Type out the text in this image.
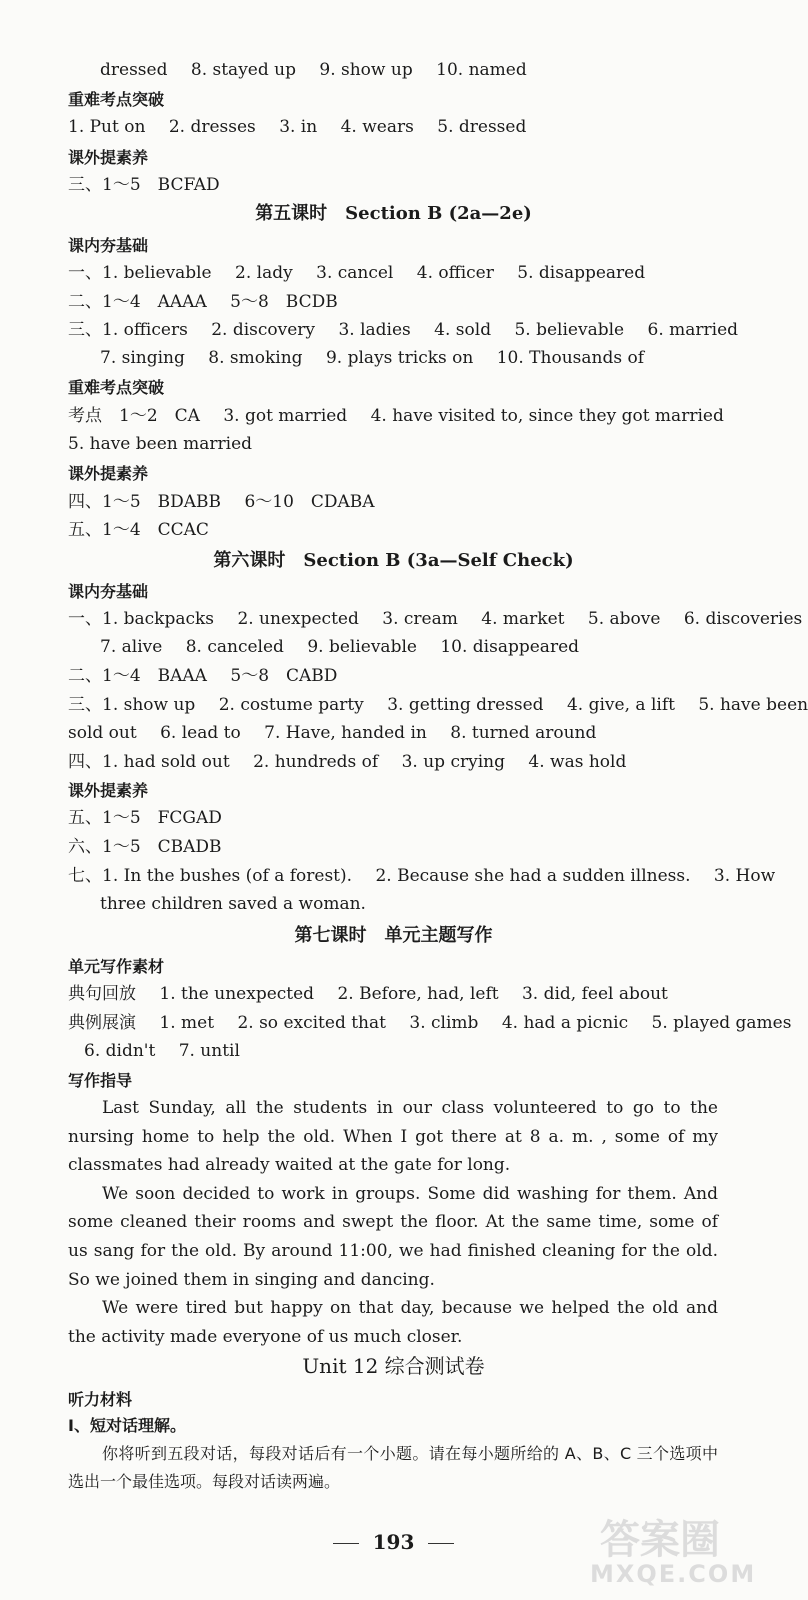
dressed 8. stayed up 9. show up 10. named
重难考点突破
1. Put on 2. dresses 3. in 4. wears 5. dressed
课外提素养
三、1～5　BCFAD
第五课时　Section B (2a—2e)
课内夯基础
一、1. believable 2. lady 3. cancel 4. officer 5. disappeared
二、1～4　AAAA 5～8　BCDB
三、1. officers 2. discovery 3. ladies 4. sold 5. believable 6. married
7. singing 8. smoking 9. plays tricks on 10. Thousands of
重难考点突破
考点　1～2　CA 3. got married 4. have visited to, since they got married
5. have been married
课外提素养
四、1～5　BDABB 6～10　CDABA
五、1～4　CCAC
第六课时　Section B (3a—Self Check)
课内夯基础
一、1. backpacks 2. unexpected 3. cream 4. market 5. above 6. discoveries
7. alive 8. canceled 9. believable 10. disappeared
二、1～4　BAAA 5～8　CABD
三、1. show up 2. costume party 3. getting dressed 4. give, a lift 5. have been
sold out 6. lead to 7. Have, handed in 8. turned around
四、1. had sold out 2. hundreds of 3. up crying 4. was hold
课外提素养
五、1～5　FCGAD
六、1～5　CBADB
七、1. In the bushes (of a forest). 2. Because she had a sudden illness. 3. How
three children saved a woman.
第七课时　单元主题写作
单元写作素材
典句回放 1. the unexpected 2. Before, had, left 3. did, feel about
典例展演 1. met 2. so excited that 3. climb 4. had a picnic 5. played games
6. didn't 7. until
写作指导

Last Sunday, all the students in our class volunteered to go to the nursing home to help the old. When I got there at 8 a. m. , some of my classmates had already waited at the gate for long.

We soon decided to work in groups. Some did washing for them. And some cleaned their rooms and swept the floor. At the same time, some of us sang for the old. By around 11:00, we had finished cleaning for the old. So we joined them in singing and dancing.

We were tired but happy on that day, because we helped the old and the activity made everyone of us much closer.

Unit 12 综合测试卷
听力材料
Ⅰ、短对话理解。

你将听到五段对话，每段对话后有一个小题。请在每小题所给的 A、B、C 三个选项中选出一个最佳选项。每段对话读两遍。

193	答案圈
MXQE.COM
